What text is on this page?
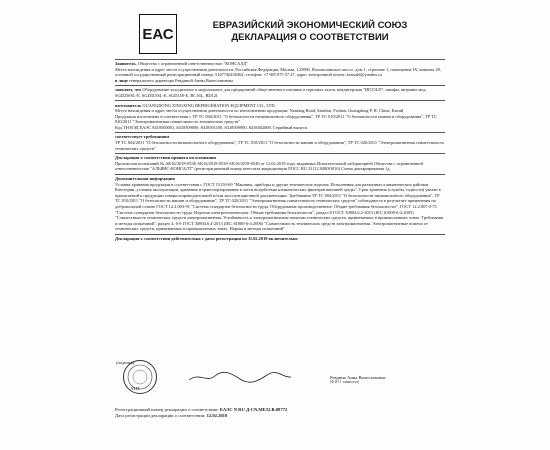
ЕАС	ЕВРАЗИЙСКИЙ ЭКОНОМИЧЕСКИЙ СОЮЗ
ДЕКЛАРАЦИЯ О СООТВЕТСТВИИ

Заявитель, Общество с ограниченной ответственностью "КОНСАЛД"

Место нахождения и адрес места осуществления деятельности: Российская Федерация, Москва, 125080, Волоколамское шоссе, дом 1, строение 1, помещение IX, комната 28, основной государственный регистрационный номер: 5167746430462, телефон: +7 985 875 57 47, адрес электронной почты: konsald@yandex.ru

в лице генерального директора Ревдиной Анны Вячеславовны

заявляет, что Оборудование холодильное и морозильное для предприятий общественного питания и торговых залов, кондитерская "HICOLD": шкафы, витрины мод. SGD250SL-E, SGD315SL-E, SGD150-E, BC16L, BD12I

изготовитель GUANGDONG XINGXING REFRIGERATION EQUIPMENT CO., LTD,

Место нахождения и адрес места осуществления деятельности по изготовлению продукции: Nanfang Road, Sanshui, Foshan, Guangdong P. R. China, Китай

Продукция изготовлена в соответствии с ТР ТС 004/2011 "О безопасности низковольтного оборудования", ТР ТС 010/2011 "О безопасности машин и оборудования", ТР ТС 020/2011 "Электромагнитная совместимость технических средств"

Код ТН ВЭД ЕАЭС 8418500001, 8418509009, 8418501100, 8418509900, 8418402008. Серийный выпуск

соответствует требованиям

ТР ТС 004/2011 "О безопасности низковольтного оборудования", ТР ТС 010/2011 "О безопасности машин и оборудования", ТР ТС 020/2011 "Электромагнитная совместимость технических средств"

Декларация о соответствии принята на основании

Протоколов испытаний № АК16/2018-0538 АК16/2018-0539 АК16/2018-0540 от 12.02.2018 года, выданных Испытательной лабораторией Общества с ограниченной ответственностью "АЛЬЯНС-КОНСАЛТ" (регистрационный номер аттестата аккредитации РОСС RU.31112.04ЮО016) Схема декларирования 1д

Дополнительная информация

Условия хранения продукции в соответствии с ГОСТ 15150-69 "Машины, приборы и другие технические изделия. Исполнения для различных климатических районов. Категории, условия эксплуатации, хранения и транспортирования в части воздействия климатических факторов внешней среды". Срок хранения (службы, годности) указан в прилагаемой к продукции товаросопроводительной и/или эксплуатационной документации. Требования ТР ТС 004/2011 "О безопасности низковольтного оборудования", ТР ТС 010/2011 "О безопасности машин и оборудования", ТР ТС 020/2011 "Электромагнитная совместимость технических средств" соблюдаются в результате применения на добровольной основе ГОСТ 12.2.003-91 "Система стандартов безопасности труда. Оборудование производственное. Общие требования безопасности", ГОСТ 12.2.007.0-75 "Система стандартов безопасности труда. Изделия электротехнические. Общие требования безопасности", раздел 8 ГОСТ 30804.6.2-2013 (IEC 61000-6-2:2005) "Совместимость технических средств электромагнитная. Устойчивость к электромагнитным помехам технических средств, применяемых в промышленных зонах. Требования и методы испытаний", раздел 4, 6-9 ГОСТ 30804.6.4-2013 (IEC 61000-6-4:2006) "Совместимость технических средств электромагнитная. Электромагнитные помехи от технических средств, применяемых в промышленных зонах. Нормы и методы испытаний"

Декларация о соответствии действительна с даты регистрации по 11.02.2019 включительно

(подпись)
М.П.
Ревдина Анна Вячеславовна
(Ф.И.О. заявителя)

Регистрационный номер декларации о соответствии: ЕАЭС N RU Д-CN.МБ32.В.08772

Дата регистрации декларации о соответствии: 12.02.2018
